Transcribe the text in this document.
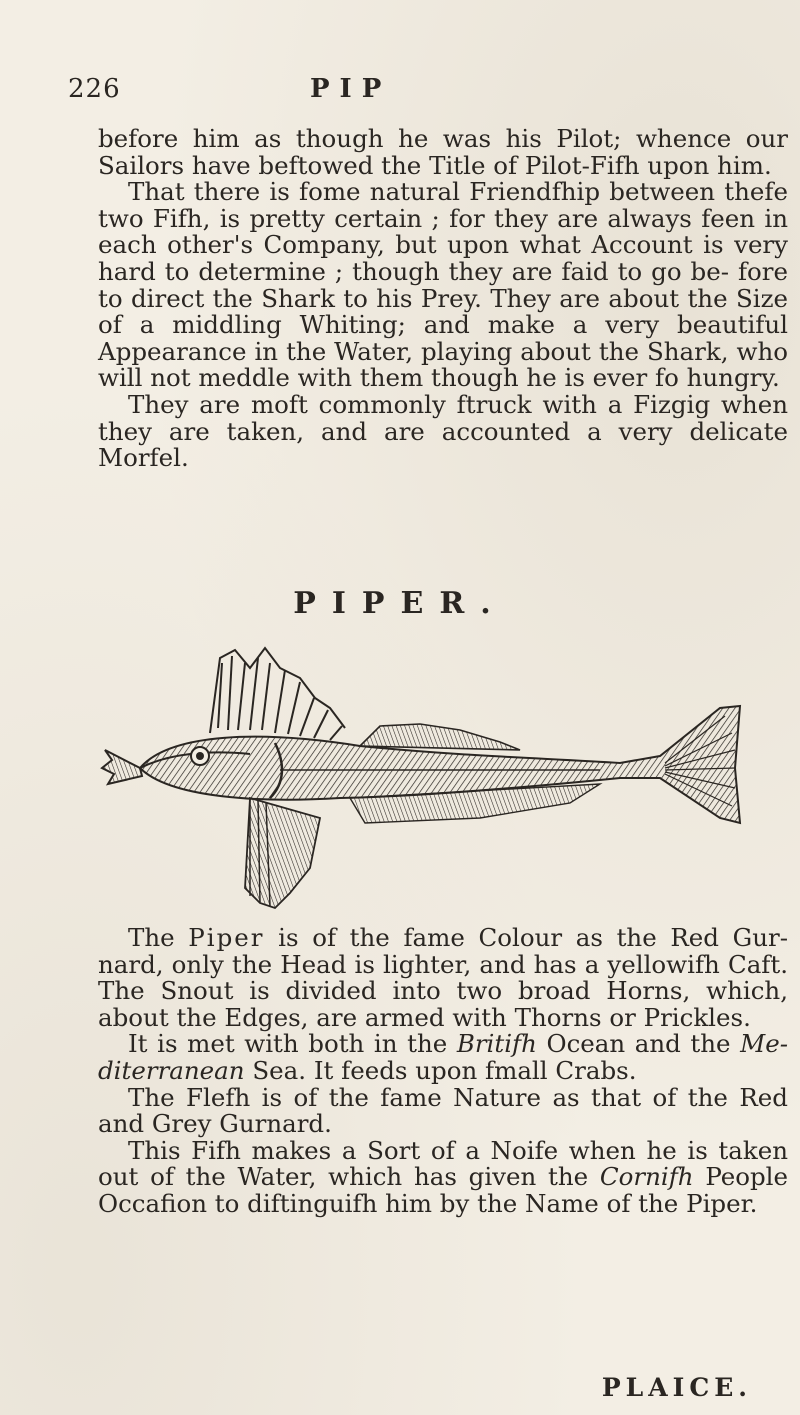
226	PIP

before him as though he was his Pilot; whence our Sailors have beftowed the Title of Pilot-Fifh upon him.

That there is fome natural Friendfhip between thefe two Fifh, is pretty certain ; for they are always feen in each other's Company, but upon what Account is very hard to determine ; though they are faid to go be- fore to direct the Shark to his Prey. They are about the Size of a middling Whiting; and make a very beautiful Appearance in the Water, playing about the Shark, who will not meddle with them though he is ever fo hungry.

They are moft commonly ftruck with a Fizgig when they are taken, and are accounted a very delicate Morfel.

PIPER.

The Piper is of the fame Colour as the Red Gur- nard, only the Head is lighter, and has a yellowifh Caft. The Snout is divided into two broad Horns, which, about the Edges, are armed with Thorns or Prickles.

It is met with both in the Britifh Ocean and the Me- diterranean Sea. It feeds upon fmall Crabs.

The Flefh is of the fame Nature as that of the Red and Grey Gurnard.

This Fifh makes a Sort of a Noife when he is taken out of the Water, which has given the Cornifh People Occafion to diftinguifh him by the Name of the Piper.

PLAICE.
